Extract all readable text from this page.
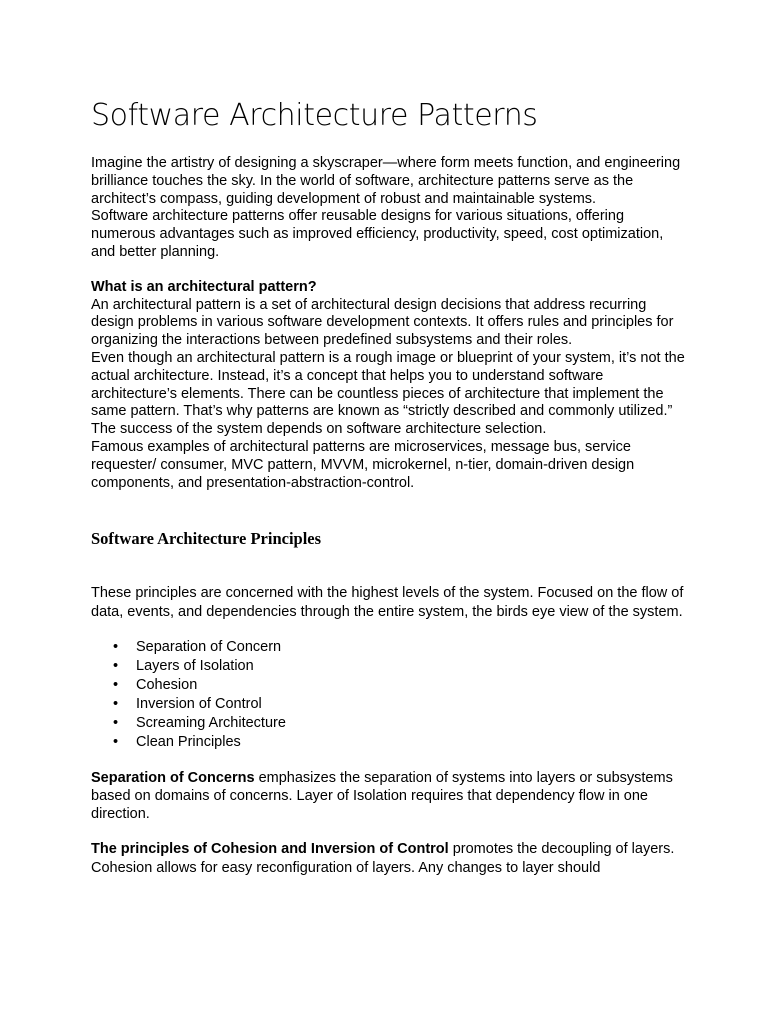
Software Architecture Patterns

Imagine the artistry of designing a skyscraper—where form meets function, and engineering brilliance touches the sky. In the world of software, architecture patterns serve as the architect’s compass, guiding development of robust and maintainable systems.

Software architecture patterns offer reusable designs for various situations, offering numerous advantages such as improved efficiency, productivity, speed, cost optimization, and better planning.

What is an architectural pattern?

An architectural pattern is a set of architectural design decisions that address recurring design problems in various software development contexts. It offers rules and principles for organizing the interactions between predefined subsystems and their roles.

Even though an architectural pattern is a rough image or blueprint of your system, it’s not the actual architecture. Instead, it’s a concept that helps you to understand software architecture’s elements. There can be countless pieces of architecture that implement the same pattern. That’s why patterns are known as “strictly described and commonly utilized.” The success of the system depends on software architecture selection.

Famous examples of architectural patterns are microservices, message bus, service requester/ consumer, MVC pattern, MVVM, microkernel, n-tier, domain-driven design components, and presentation-abstraction-control.

Software Architecture Principles

These principles are concerned with the highest levels of the system. Focused on the flow of data, events, and dependencies through the entire system, the birds eye view of the system.

• Separation of Concern
• Layers of Isolation
• Cohesion
• Inversion of Control
• Screaming Architecture
• Clean Principles

Separation of Concerns emphasizes the separation of systems into layers or subsystems based on domains of concerns. Layer of Isolation requires that dependency flow in one direction.

The principles of Cohesion and Inversion of Control promotes the decoupling of layers. Cohesion allows for easy reconfiguration of layers. Any changes to layer should
